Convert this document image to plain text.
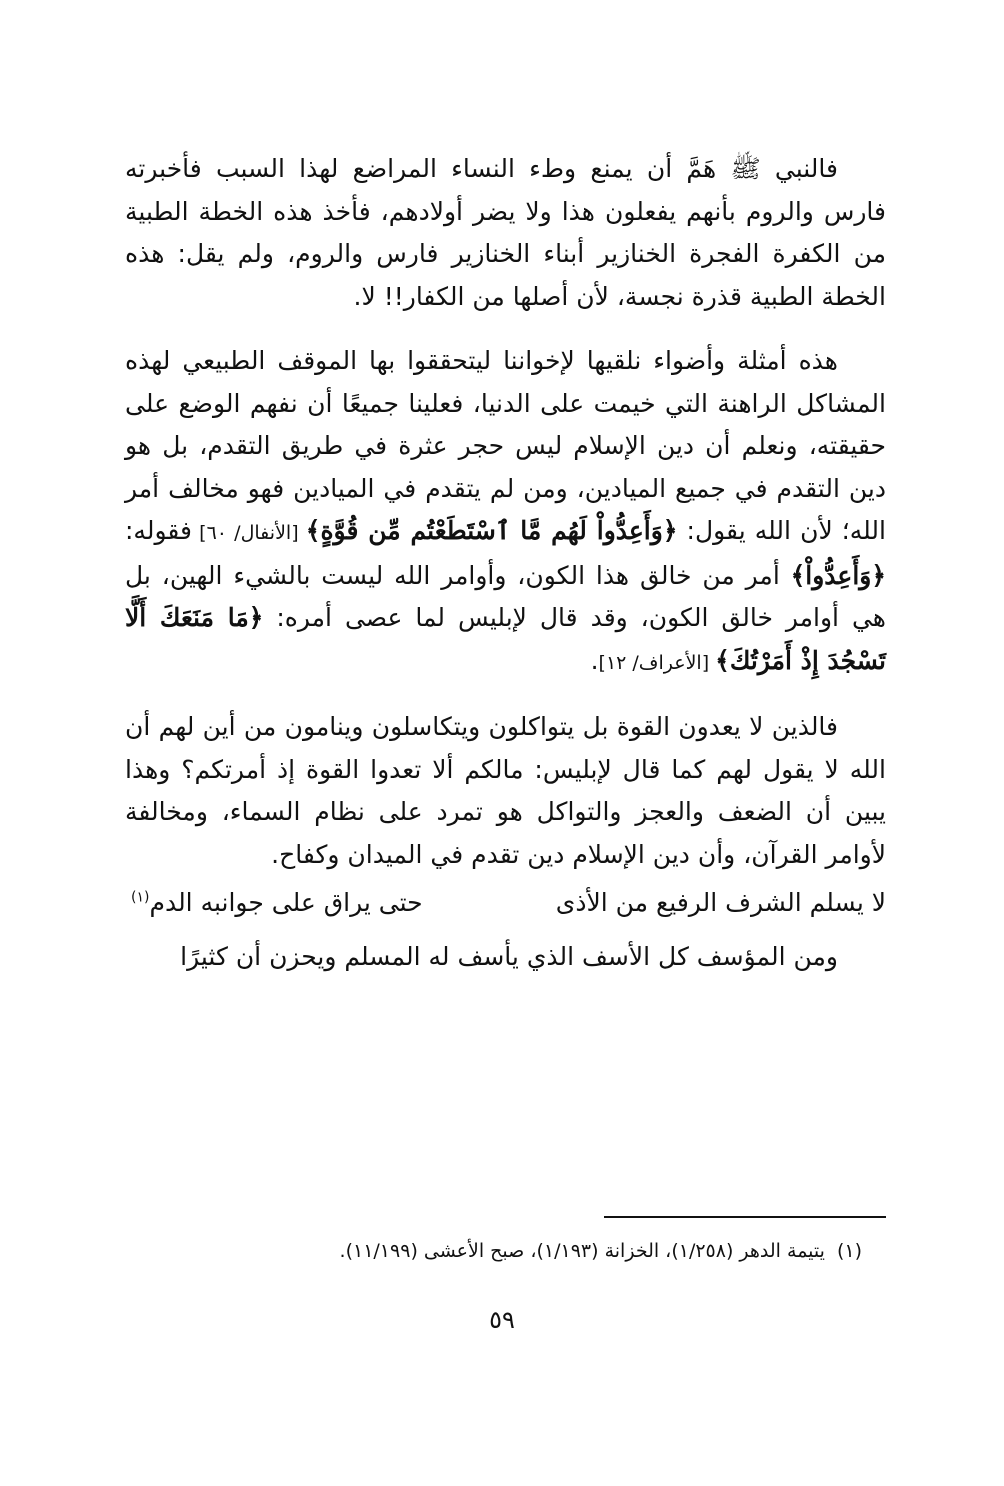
فالنبي ﷺ هَمَّ أن يمنع وطء النساء المراضع لهذا السبب فأخبرته فارس والروم بأنهم يفعلون هذا ولا يضر أولادهم، فأخذ هذه الخطة الطبية من الكفرة الفجرة الخنازير أبناء الخنازير فارس والروم، ولم يقل: هذه الخطة الطبية قذرة نجسة، لأن أصلها من الكفار!! لا.

هذه أمثلة وأضواء نلقيها لإخواننا ليتحققوا بها الموقف الطبيعي لهذه المشاكل الراهنة التي خيمت على الدنيا، فعلينا جميعًا أن نفهم الوضع على حقيقته، ونعلم أن دين الإسلام ليس حجر عثرة في طريق التقدم، بل هو دين التقدم في جميع الميادين، ومن لم يتقدم في الميادين فهو مخالف أمر الله؛ لأن الله يقول: ﴿وَأَعِدُّواْ لَهُم مَّا ٱسْتَطَعْتُم مِّن قُوَّةٍ﴾ [الأنفال/ ٦٠] فقوله: ﴿وَأَعِدُّواْ﴾ أمر من خالق هذا الكون، وأوامر الله ليست بالشيء الهين، بل هي أوامر خالق الكون، وقد قال لإبليس لما عصى أمره: ﴿مَا مَنَعَكَ أَلَّا تَسْجُدَ إِذْ أَمَرْتُكَ﴾ [الأعراف/ ١٢].

فالذين لا يعدون القوة بل يتواكلون ويتكاسلون وينامون من أين لهم أن الله لا يقول لهم كما قال لإبليس: مالكم ألا تعدوا القوة إذ أمرتكم؟ وهذا يبين أن الضعف والعجز والتواكل هو تمرد على نظام السماء، ومخالفة لأوامر القرآن، وأن دين الإسلام دين تقدم في الميدان وكفاح.

لا يسلم الشرف الرفيع من الأذى
حتى يراق على جوانبه الدم$^{(١)}$
ومن المؤسف كل الأسف الذي يأسف له المسلم ويحزن أن كثيرًا
(١)يتيمة الدهر (١/٢٥٨)، الخزانة (١/١٩٣)، صبح الأعشى (١١/١٩٩).
٥٩
